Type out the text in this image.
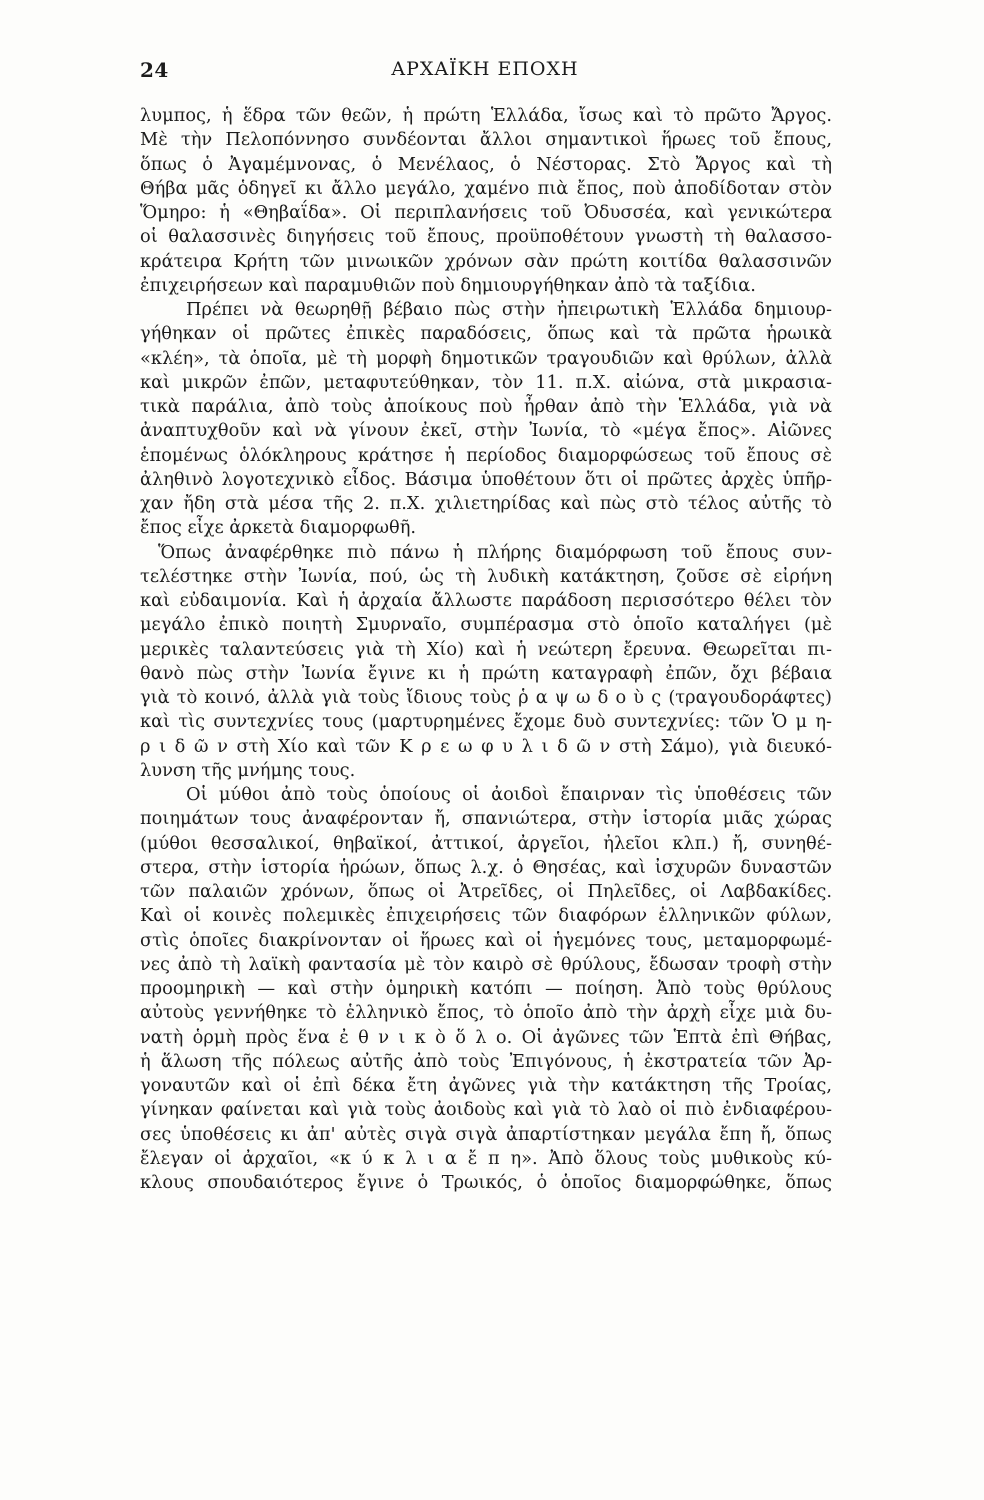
24	ΑΡΧΑΪΚΗ ΕΠΟΧΗ
λυμπος, ἡ ἕδρα τῶν θεῶν, ἡ πρώτη Ἑλλάδα, ἴσως καὶ τὸ πρῶτο Ἄργος.
Μὲ τὴν Πελοπόννησο συνδέονται ἄλλοι σημαντικοὶ ἥρωες τοῦ ἔπους,
ὅπως ὁ Ἀγαμέμνονας, ὁ Μενέλαος, ὁ Νέστορας. Στὸ Ἄργος καὶ τὴ
Θήβα μᾶς ὁδηγεῖ κι ἄλλο μεγάλο, χαμένο πιὰ ἔπος, ποὺ ἀποδίδοταν στὸν
Ὅμηρο: ἡ «Θηβαΐδα». Οἱ περιπλανήσεις τοῦ Ὀδυσσέα, καὶ γενικώτερα
οἱ θαλασσινὲς διηγήσεις τοῦ ἔπους, προϋποθέτουν γνωστὴ τὴ θαλασσο-
κράτειρα Κρήτη τῶν μινωικῶν χρόνων σὰν πρώτη κοιτίδα θαλασσινῶν
ἐπιχειρήσεων καὶ παραμυθιῶν ποὺ δημιουργήθηκαν ἀπὸ τὰ ταξίδια.
Πρέπει νὰ θεωρηθῇ βέβαιο πὼς στὴν ἠπειρωτικὴ Ἑλλάδα δημιουρ-
γήθηκαν οἱ πρῶτες ἐπικὲς παραδόσεις, ὅπως καὶ τὰ πρῶτα ἡρωικὰ
«κλέη», τὰ ὁποῖα, μὲ τὴ μορφὴ δημοτικῶν τραγουδιῶν καὶ θρύλων, ἀλλὰ
καὶ μικρῶν ἐπῶν, μεταφυτεύθηκαν, τὸν 11. π.Χ. αἰώνα, στὰ μικρασια-
τικὰ παράλια, ἀπὸ τοὺς ἀποίκους ποὺ ἦρθαν ἀπὸ τὴν Ἑλλάδα, γιὰ νὰ
ἀναπτυχθοῦν καὶ νὰ γίνουν ἐκεῖ, στὴν Ἰωνία, τὸ «μέγα ἔπος». Αἰῶνες
ἑπομένως ὁλόκληρους κράτησε ἡ περίοδος διαμορφώσεως τοῦ ἔπους σὲ
ἀληθινὸ λογοτεχνικὸ εἶδος. Βάσιμα ὑποθέτουν ὅτι οἱ πρῶτες ἀρχὲς ὑπῆρ-
χαν ἤδη στὰ μέσα τῆς 2. π.Χ. χιλιετηρίδας καὶ πὼς στὸ τέλος αὐτῆς τὸ
ἔπος εἶχε ἀρκετὰ διαμορφωθῆ.
Ὅπως ἀναφέρθηκε πιὸ πάνω ἡ πλήρης διαμόρφωση τοῦ ἔπους συν-
τελέστηκε στὴν Ἰωνία, πού, ὡς τὴ λυδικὴ κατάκτηση, ζοῦσε σὲ εἰρήνη
καὶ εὐδαιμονία. Καὶ ἡ ἀρχαία ἄλλωστε παράδοση περισσότερο θέλει τὸν
μεγάλο ἐπικὸ ποιητὴ Σμυρναῖο, συμπέρασμα στὸ ὁποῖο καταλήγει (μὲ
μερικὲς ταλαντεύσεις γιὰ τὴ Χίο) καὶ ἡ νεώτερη ἔρευνα. Θεωρεῖται πι-
θανὸ πὼς στὴν Ἰωνία ἔγινε κι ἡ πρώτη καταγραφὴ ἐπῶν, ὄχι βέβαια
γιὰ τὸ κοινό, ἀλλὰ γιὰ τοὺς ἴδιους τοὺς ῥ α ψ ω δ ο ὺ ς (τραγουδοράφτες)
καὶ τὶς συντεχνίες τους (μαρτυρημένες ἔχομε δυὸ συντεχνίες: τῶν Ὁ μ η-
ρ ι δ ῶ ν στὴ Χίο καὶ τῶν Κ ρ ε ω φ υ λ ι δ ῶ ν στὴ Σάμο), γιὰ διευκό-
λυνση τῆς μνήμης τους.
Οἱ μύθοι ἀπὸ τοὺς ὁποίους οἱ ἀοιδοὶ ἔπαιρναν τὶς ὑποθέσεις τῶν
ποιημάτων τους ἀναφέρονταν ἤ, σπανιώτερα, στὴν ἱστορία μιᾶς χώρας
(μύθοι θεσσαλικοί, θηβαϊκοί, ἀττικοί, ἀργεῖοι, ἠλεῖοι κλπ.) ἤ, συνηθέ-
στερα, στὴν ἱστορία ἡρώων, ὅπως λ.χ. ὁ Θησέας, καὶ ἰσχυρῶν δυναστῶν
τῶν παλαιῶν χρόνων, ὅπως οἱ Ἀτρεῖδες, οἱ Πηλεῖδες, οἱ Λαβδακίδες.
Καὶ οἱ κοινὲς πολεμικὲς ἐπιχειρήσεις τῶν διαφόρων ἑλληνικῶν φύλων,
στὶς ὁποῖες διακρίνονταν οἱ ἥρωες καὶ οἱ ἡγεμόνες τους, μεταμορφωμέ-
νες ἀπὸ τὴ λαϊκὴ φαντασία μὲ τὸν καιρὸ σὲ θρύλους, ἔδωσαν τροφὴ στὴν
προομηρικὴ — καὶ στὴν ὁμηρικὴ κατόπι — ποίηση. Ἀπὸ τοὺς θρύλους
αὐτοὺς γεννήθηκε τὸ ἑλληνικὸ ἔπος, τὸ ὁποῖο ἀπὸ τὴν ἀρχὴ εἶχε μιὰ δυ-
νατὴ ὁρμὴ πρὸς ἕνα ἐ θ ν ι κ ὸ ὅ λ ο. Οἱ ἀγῶνες τῶν Ἑπτὰ ἐπὶ Θήβας,
ἡ ἅλωση τῆς πόλεως αὐτῆς ἀπὸ τοὺς Ἐπιγόνους, ἡ ἐκστρατεία τῶν Ἀρ-
γοναυτῶν καὶ οἱ ἐπὶ δέκα ἔτη ἀγῶνες γιὰ τὴν κατάκτηση τῆς Τροίας,
γίνηκαν φαίνεται καὶ γιὰ τοὺς ἀοιδοὺς καὶ γιὰ τὸ λαὸ οἱ πιὸ ἐνδιαφέρου-
σες ὑποθέσεις κι ἀπ' αὐτὲς σιγὰ σιγὰ ἀπαρτίστηκαν μεγάλα ἔπη ἤ, ὅπως
ἔλεγαν οἱ ἀρχαῖοι, «κ ύ κ λ ι α ἔ π η». Ἀπὸ ὅλους τοὺς μυθικοὺς κύ-
κλους σπουδαιότερος ἔγινε ὁ Τρωικός, ὁ ὁποῖος διαμορφώθηκε, ὅπως
